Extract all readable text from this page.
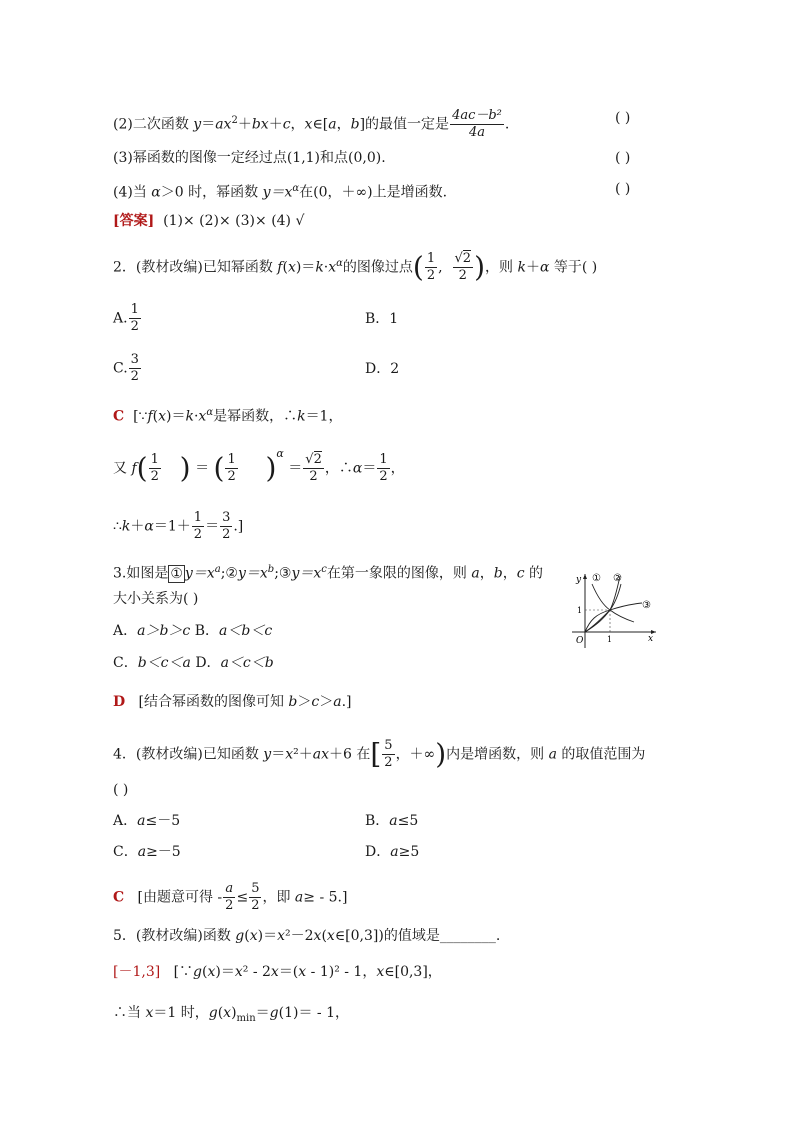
(2)二次函数 $y=ax^2+bx+c$，x∈[a，b]的最值一定是 $\frac{\text{4ac－b²}}{4a}$ .	( )
(3)幂函数的图像一定经过点(1,1)和点(0,0).	( )
(4)当 α＞0 时，幂函数 $y=x^\alpha$在(0，＋∞)上是增函数.	( )
[答案] (1)× (2)× (3)× (4) √
2．(教材改编)已知幂函数 $f(x)=k\cdot x^\alpha$的图像过点( $\frac{1}{2}$ , $\frac{√2}{2}$ )，则 k＋α 等于( )
A. $\frac{1}{2}$	B．1
C. $\frac{3}{2}$	D．2
C [$\because f(x)=k\cdot x^\alpha$是幂函数，∴k＝1，
又 $f( \frac{1}{2}$ ) ＝ ( $\frac{1}{2} )^\alpha = \frac{√2}{2}$ ，∴α＝ $\frac{1}{2}$ ，
∴k＋α＝1＋ $\frac{1}{2} = \frac{3}{2}$ .]
3.如图是 ① $y=x^a;②y=x^b;③y=x^c$在第一象限的图像，则 a，b，c 的
大小关系为( )
A．a＞b＞c B．a＜b＜c
C．b＜c＜a D．a＜c＜b
y
x
O	1
1
① ②
③
D [结合幂函数的图像可知 b＞c＞a.]
4．(教材改编)已知函数 y＝x²＋ax＋6 在[ $\frac{5}{2}$ ，＋∞)内是增函数，则 a 的取值范围为
( )
A．a≤－5	B．a≤5
C．a≥－5	D．a≥5
C [由题意可得 - $\frac{a}{2} \le \frac{5}{2}$ ，即 a≥ - 5.]
5．(教材改编)函数 g(x)＝x²－2x(x∈[0,3])的值域是________.
[－1,3] [∵g(x)＝x² - 2x＝(x - 1)² - 1，x∈[0,3]，
∴当 x＝1 时，$g(x)_{min}=g(1)= - 1$，
